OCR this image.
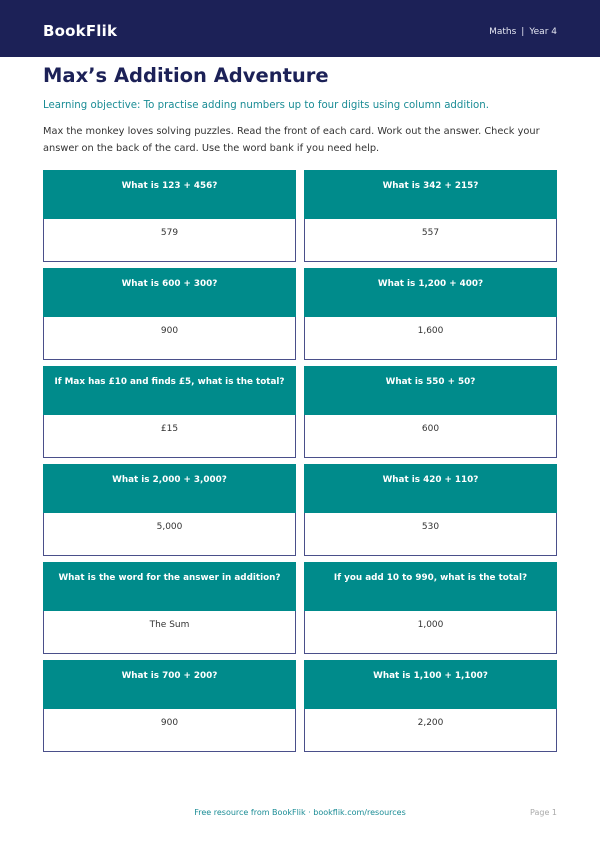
BookFlik	Maths | Year 4
Max’s Addition Adventure
Learning objective: To practise adding numbers up to four digits using column addition.
Max the monkey loves solving puzzles. Read the front of each card. Work out the answer. Check your answer on the back of the card. Use the word bank if you need help.
What is 123 + 456?
579
What is 342 + 215?
557
What is 600 + 300?
900
What is 1,200 + 400?
1,600
If Max has £10 and finds £5, what is the total?
£15
What is 550 + 50?
600
What is 2,000 + 3,000?
5,000
What is 420 + 110?
530
What is the word for the answer in addition?
The Sum
If you add 10 to 990, what is the total?
1,000
What is 700 + 200?
900
What is 1,100 + 1,100?
2,200
Free resource from BookFlik · bookflik.com/resources	Page 1
